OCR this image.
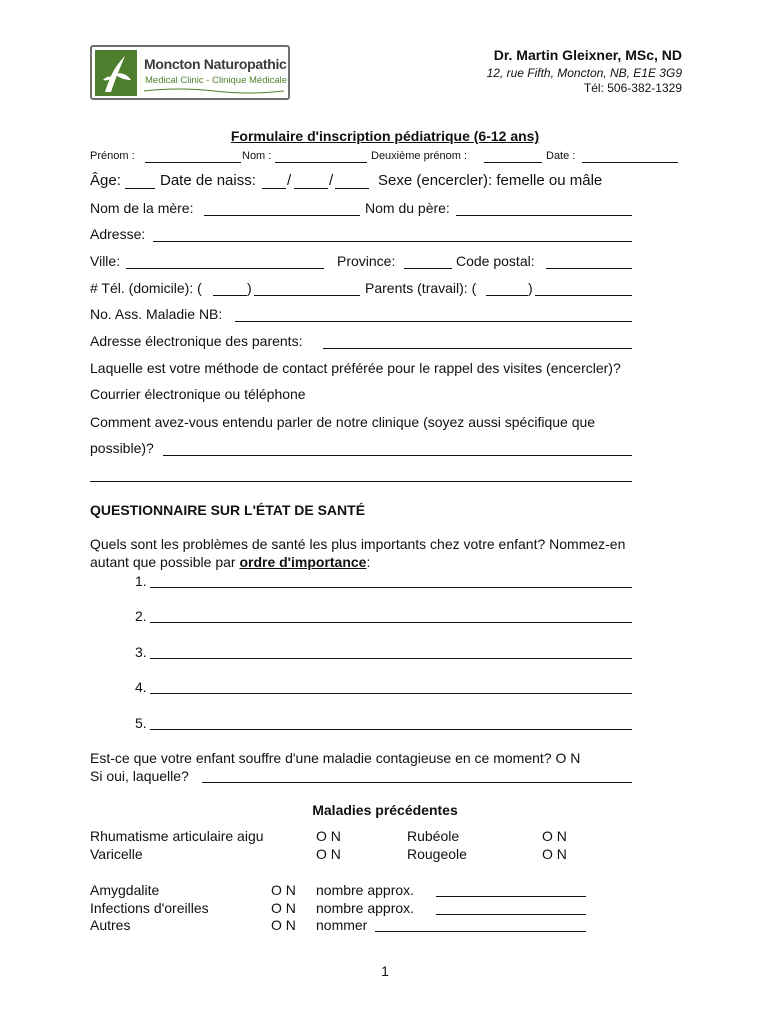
Moncton Naturopathic
Medical Clinic - Clinique Médicale
Dr. Martin Gleixner, MSc, ND
12, rue Fifth, Moncton, NB, E1E 3G9
Tél: 506-382-1329
Formulaire d'inscription pédiatrique (6-12 ans)
Prénom :	Nom :	Deuxième prénom :	Date :
Âge:	Date de naiss: /	/	Sexe (encercler): femelle ou mâle
Nom de la mère:	Nom du père:
Adresse:
Ville:	Province:	Code postal:
# Tél. (domicile): (	)	Parents (travail): (	)
No. Ass. Maladie NB:
Adresse électronique des parents:
Laquelle est votre méthode de contact préférée pour le rappel des visites (encercler)?
Courrier électronique ou téléphone
Comment avez-vous entendu parler de notre clinique (soyez aussi spécifique que
possible)?
QUESTIONNAIRE SUR L'ÉTAT DE SANTÉ
Quels sont les problèmes de santé les plus importants chez votre enfant? Nommez-en
autant que possible par ordre d'importance:
1.
2.
3.
4.
5.
Est-ce que votre enfant souffre d'une maladie contagieuse en ce moment? O N
Si oui, laquelle?
Maladies précédentes
Rhumatisme articulaire aigu	O N	Rubéole	O N
Varicelle	O N	Rougeole	O N
Amygdalite	O N nombre approx.
Infections d'oreilles	O N nombre approx.
Autres	O N nommer
1
